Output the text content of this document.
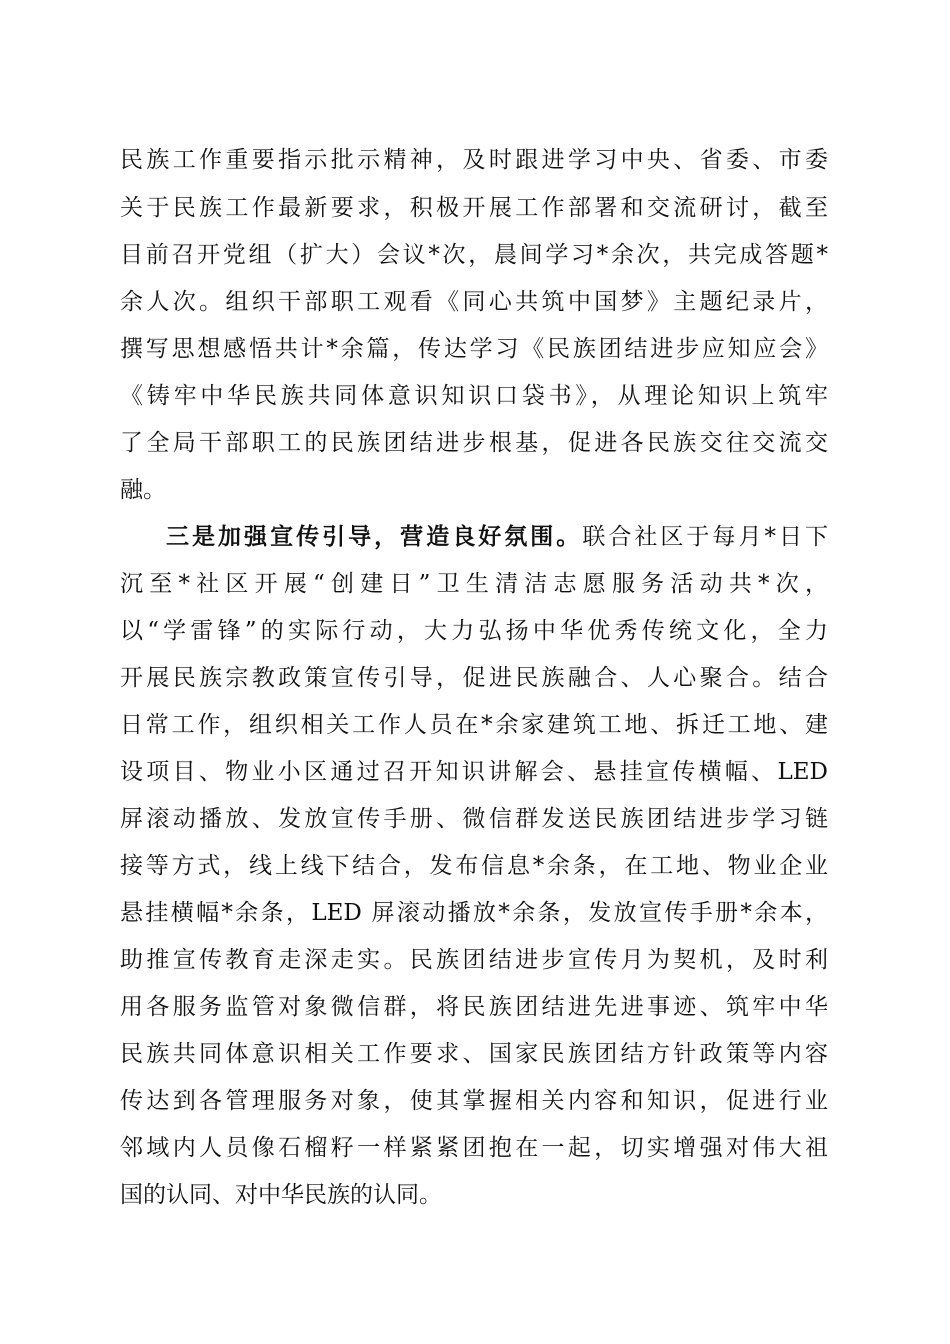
民族工作重要指示批示精神，及时跟进学习中央、省委、市委
关于民族工作最新要求，积极开展工作部署和交流研讨，截至
目前召开党组（扩大）会议*次，晨间学习*余次，共完成答题*
余人次。组织干部职工观看《同心共筑中国梦》主题纪录片，
撰写思想感悟共计*余篇，传达学习《民族团结进步应知应会》
《铸牢中华民族共同体意识知识口袋书》，从理论知识上筑牢
了全局干部职工的民族团结进步根基，促进各民族交往交流交
融。
三是加强宣传引导，营造良好氛围。联合社区于每月*日下
沉至*社区开展“创建日”卫生清洁志愿服务活动共*次，
以“学雷锋”的实际行动，大力弘扬中华优秀传统文化，全力
开展民族宗教政策宣传引导，促进民族融合、人心聚合。结合
日常工作，组织相关工作人员在*余家建筑工地、拆迁工地、建
设项目、物业小区通过召开知识讲解会、悬挂宣传横幅、LED
屏滚动播放、发放宣传手册、微信群发送民族团结进步学习链
接等方式，线上线下结合，发布信息*余条，在工地、物业企业
悬挂横幅*余条，LED 屏滚动播放*余条，发放宣传手册*余本，
助推宣传教育走深走实。民族团结进步宣传月为契机，及时利
用各服务监管对象微信群，将民族团结进先进事迹、筑牢中华
民族共同体意识相关工作要求、国家民族团结方针政策等内容
传达到各管理服务对象，使其掌握相关内容和知识，促进行业
邻域内人员像石榴籽一样紧紧团抱在一起，切实增强对伟大祖
国的认同、对中华民族的认同。
